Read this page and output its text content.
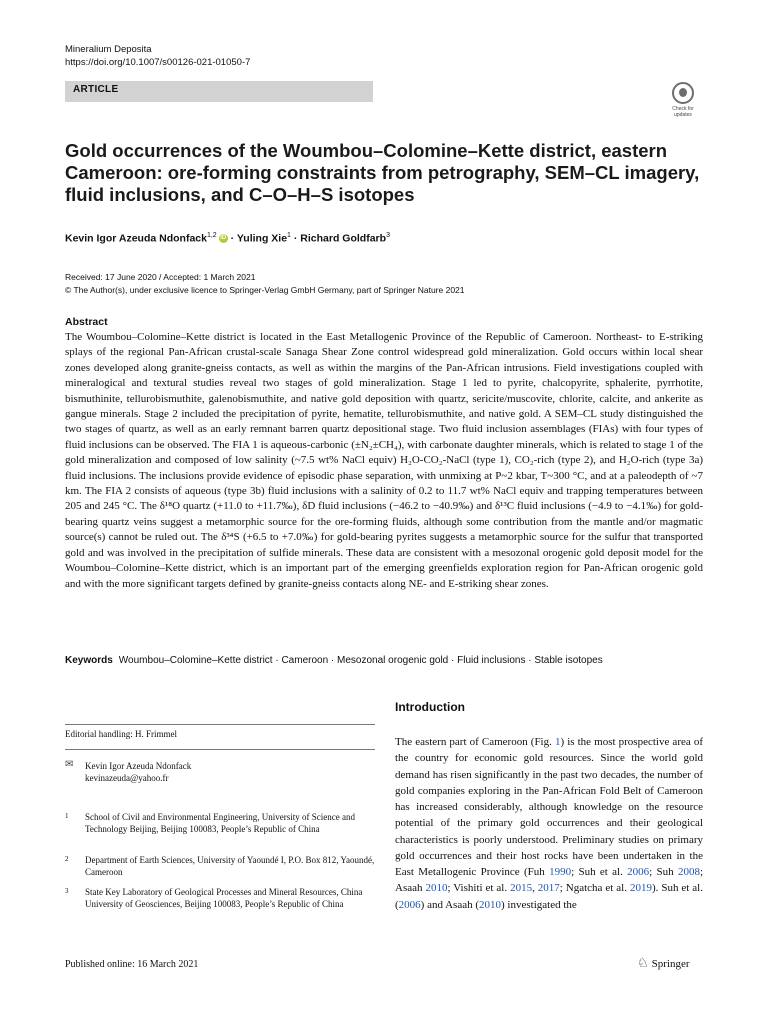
Mineralium Deposita
https://doi.org/10.1007/s00126-021-01050-7
ARTICLE
Check for updates
Gold occurrences of the Woumbou–Colomine–Kette district, eastern Cameroon: ore-forming constraints from petrography, SEM–CL imagery, fluid inclusions, and C–O–H–S isotopes
Kevin Igor Azeuda Ndonfack$^{1,2}$ iD · Yuling Xie$^1$ · Richard Goldfarb$^3$
Received: 17 June 2020 / Accepted: 1 March 2021
© The Author(s), under exclusive licence to Springer-Verlag GmbH Germany, part of Springer Nature 2021
Abstract

The Woumbou–Colomine–Kette district is located in the East Metallogenic Province of the Republic of Cameroon. Northeast- to E-striking splays of the regional Pan-African crustal-scale Sanaga Shear Zone control widespread gold mineralization. Gold occurs within local shear zones developed along granite-gneiss contacts, as well as within the margins of the Pan-African intrusions. Field investigations coupled with mineralogical and textural studies reveal two stages of gold mineralization. Stage 1 led to pyrite, chalcopyrite, sphalerite, pyrrhotite, bismuthinite, tellurobismuthite, galenobismuthite, and native gold deposition with quartz, sericite/muscovite, chlorite, calcite, and ankerite as gangue minerals. Stage 2 included the precipitation of pyrite, hematite, tellurobismuthite, and native gold. A SEM–CL study distinguished the two stages of quartz, as well as an early remnant barren quartz depositional stage. Two fluid inclusion assemblages (FIAs) with four types of fluid inclusions can be observed. The FIA 1 is aqueous-carbonic (±N₂±CH₄), with carbonate daughter minerals, which is related to stage 1 of the gold mineralization and composed of low salinity (~7.5 wt% NaCl equiv) H₂O-CO₂-NaCl (type 1), CO₂-rich (type 2), and H₂O-rich (type 3a) fluid inclusions. The inclusions provide evidence of episodic phase separation, with unmixing at P~2 kbar, T~300 °C, and at a paleodepth of ~7 km. The FIA 2 consists of aqueous (type 3b) fluid inclusions with a salinity of 0.2 to 11.7 wt% NaCl equiv and trapping temperatures between 205 and 245 °C. The δ¹⁸O quartz (+11.0 to +11.7‰), δD fluid inclusions (−46.2 to −40.9‰) and δ¹³C fluid inclusions (−4.9 to −4.1‰) for gold-bearing quartz veins suggest a metamorphic source for the ore-forming fluids, although some contribution from the mantle and/or magmatic source(s) cannot be ruled out. The δ³⁴S (+6.5 to +7.0‰) for gold-bearing pyrites suggests a metamorphic source for the sulfur that transported gold and was involved in the precipitation of sulfide minerals. These data are consistent with a mesozonal orogenic gold deposit model for the Woumbou–Colomine–Kette district, which is an important part of the emerging greenfields exploration region for Pan-African orogenic gold and with the more significant targets defined by granite-gneiss contacts along NE- and E-striking shear zones.

Keywords Woumbou–Colomine–Kette district · Cameroon · Mesozonal orogenic gold · Fluid inclusions · Stable isotopes
Editorial handling: H. Frimmel
✉ Kevin Igor Azeuda Ndonfack
kevinazeuda@yahoo.fr
1 School of Civil and Environmental Engineering, University of Science and Technology Beijing, Beijing 100083, People’s Republic of China
2 Department of Earth Sciences, University of Yaoundé I, P.O. Box 812, Yaoundé, Cameroon
3 State Key Laboratory of Geological Processes and Mineral Resources, China University of Geosciences, Beijing 100083, People’s Republic of China
Introduction

The eastern part of Cameroon (Fig. 1) is the most prospective area of the country for economic gold resources. Since the world gold demand has risen significantly in the past two decades, the number of gold companies exploring in the Pan-African Fold Belt of Cameroon has increased considerably, although knowledge on the resource potential of the primary gold occurrences and their geological characteristics is poorly understood. Preliminary studies on primary gold occurrences and their host rocks have been undertaken in the East Metallogenic Province (Fuh 1990; Suh et al. 2006; Suh 2008; Asaah 2010; Vishiti et al. 2015, 2017; Ngatcha et al. 2019). Suh et al. (2006) and Asaah (2010) investigated the

Published online: 16 March 2021	♘ Springer
